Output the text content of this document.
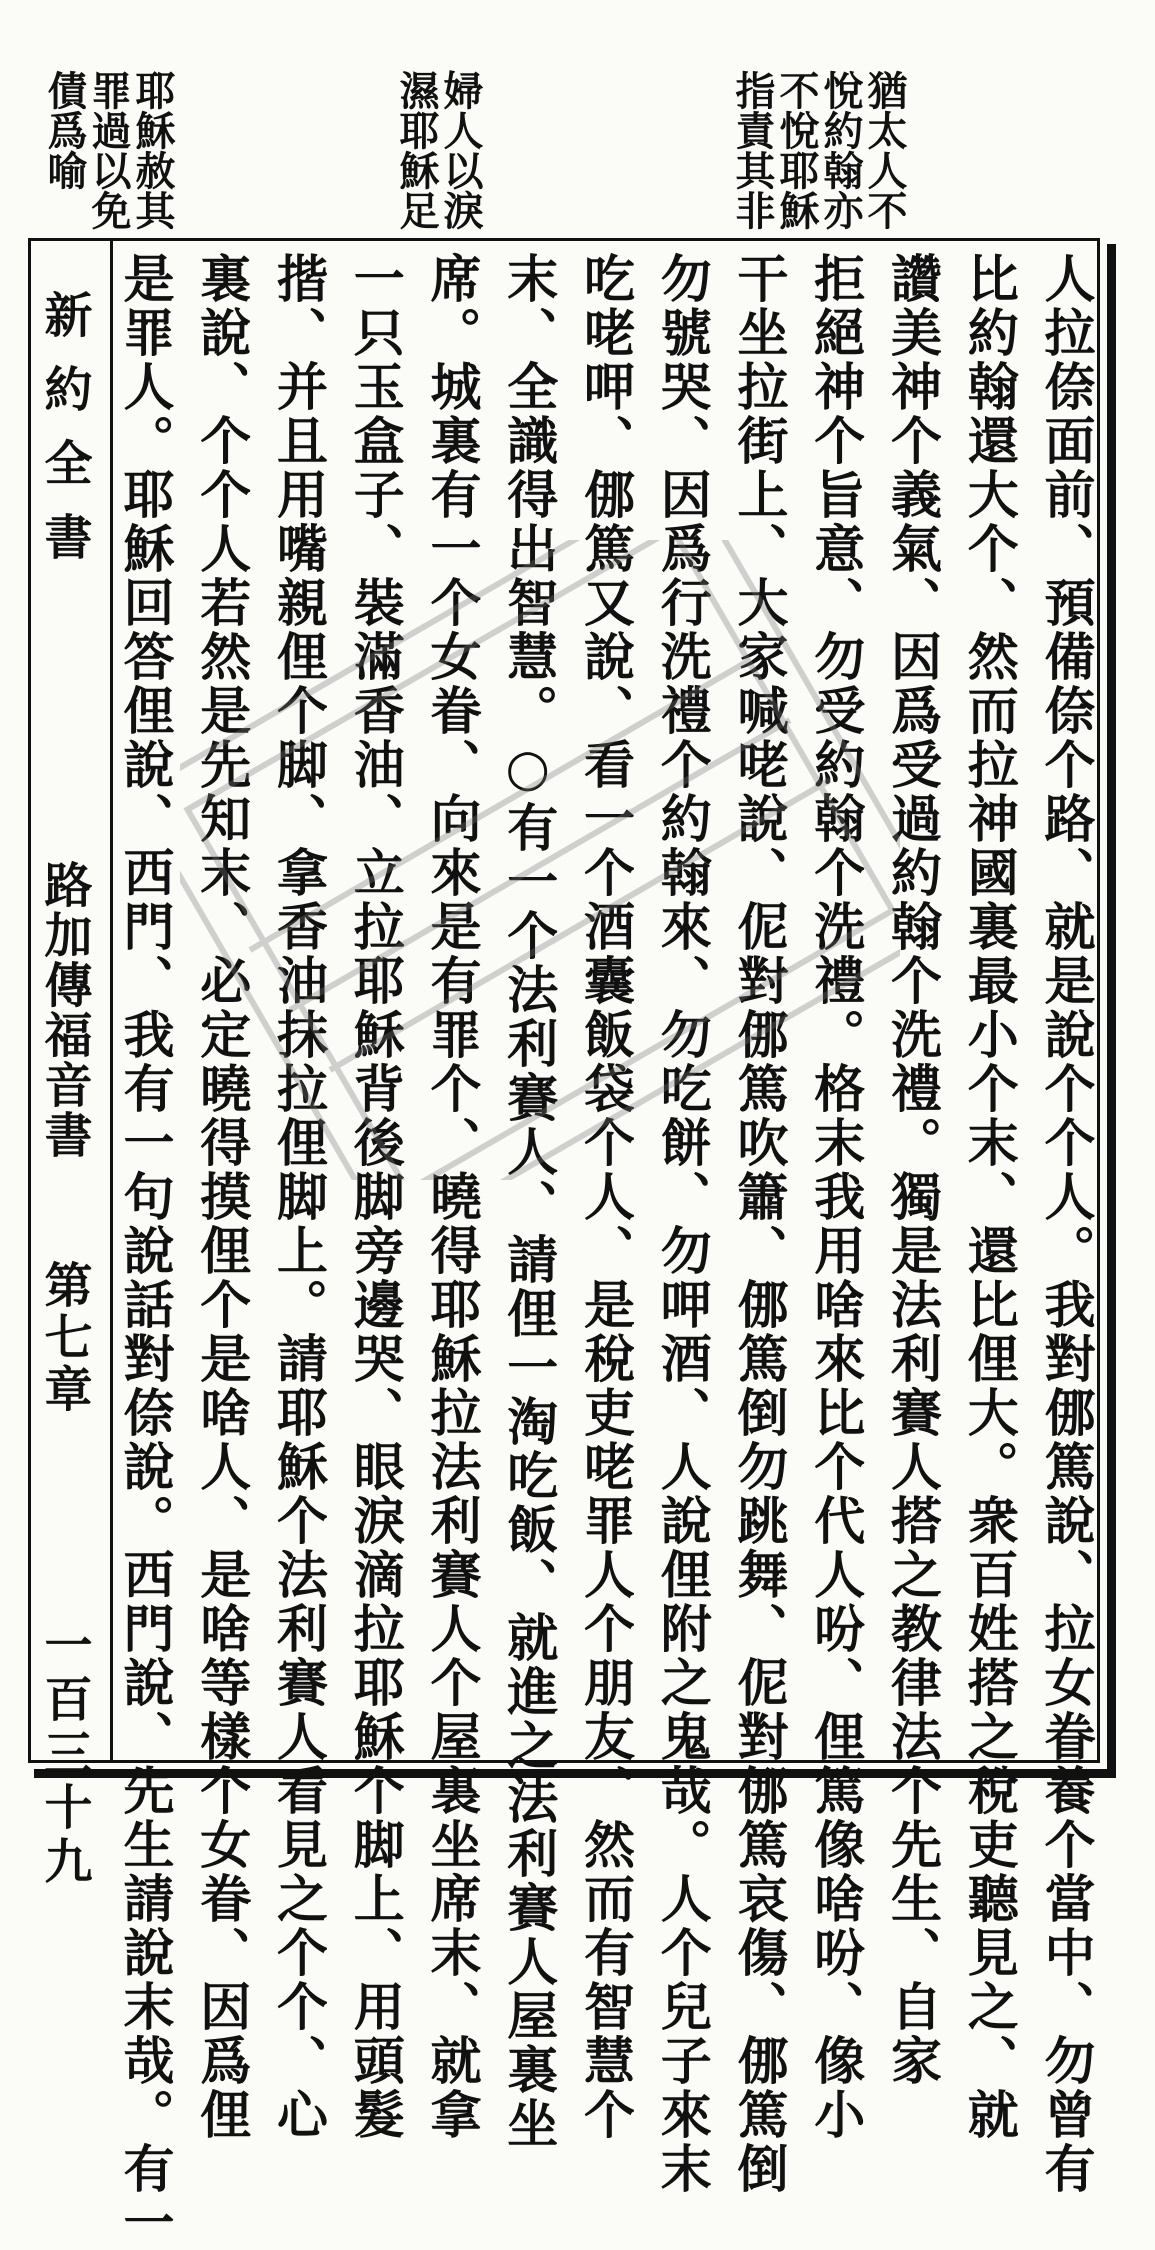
猶太人不悅約翰亦不悅耶穌指責其非
婦人以淚濕耶穌足
耶穌赦其罪過以免債爲喻
新約全書
路加傳福音書
第七章
一百三十九	人拉倷面前、預備倷个路、就是說个个人。我對㑚篤說、拉女眷養个當中、勿曾有
比約翰還大个、然而拉神國裏最小个末、還比俚大。衆百姓搭之稅吏聽見之、就
讚美神个義氣、因爲受過約翰个洗禮。獨是法利賽人搭之教律法个先生、自家
拒絕神个旨意、勿受約翰个洗禮。格末我用啥來比个代人吩、俚篤像啥吩、像小
干坐拉街上、大家喊咾說、伲對㑚篤吹簫、㑚篤倒勿跳舞、伲對㑚篤哀傷、㑚篤倒
勿號哭、因爲行洗禮个約翰來、勿吃餅、勿呷酒、人說俚附之鬼哉。人个兒子來末
吃咾呷、㑚篤又說、看一个酒囊飯袋个人、是稅吏咾罪人个朋友、然而有智慧个
末、全識得出智慧。○有一个法利賽人、請俚一淘吃飯、就進之法利賽人屋裏坐
席。城裏有一个女眷、向來是有罪个、曉得耶穌拉法利賽人个屋裏坐席末、就拿
一只玉盒子、裝滿香油、立拉耶穌背後脚旁邊哭、眼淚滴拉耶穌个脚上、用頭髮
揩、并且用嘴親俚个脚、拿香油抹拉俚脚上。請耶穌个法利賽人看見之个个、心
裏說、个个人若然是先知末、必定曉得摸俚个是啥人、是啥等樣个女眷、因爲俚
是罪人。耶穌回答俚說、西門、我有一句說話對倷說。西門說、先生請說末哉。有一
